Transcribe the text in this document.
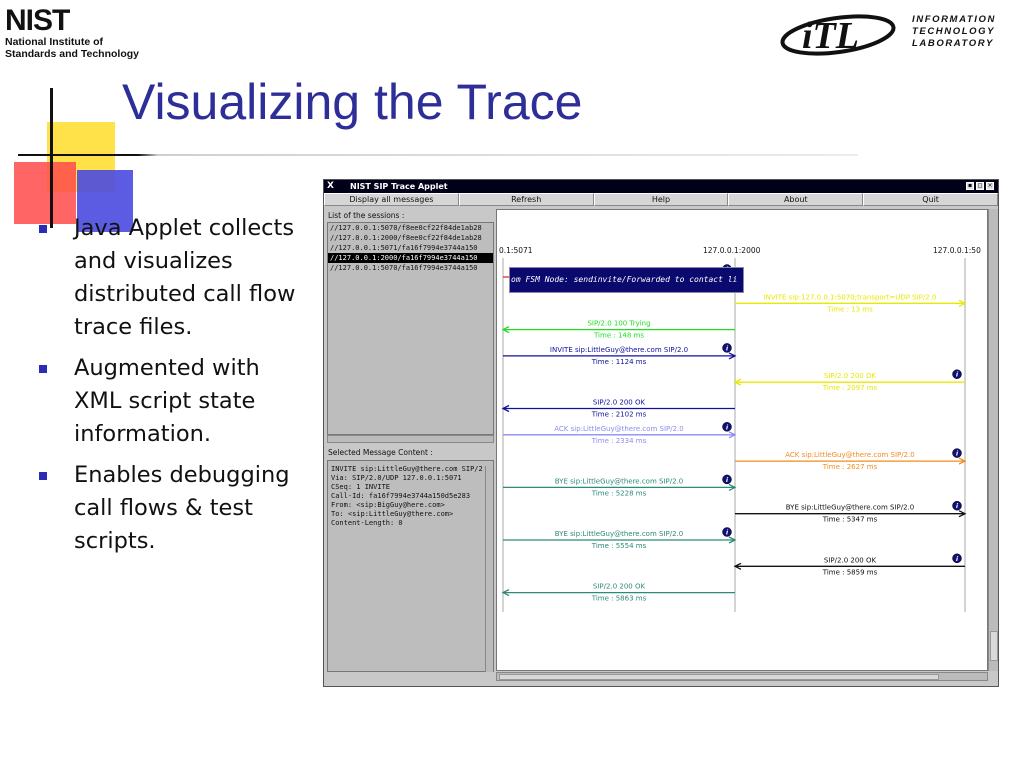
NIST
National Institute of
Standards and Technology	iTL	INFORMATION
TECHNOLOGY
LABORATORY
Visualizing the Trace
Java Applet collects and visualizes distributed call flow trace files.
Augmented with XML script state information.
Enables debugging call flows & test scripts.
X NIST SIP Trace Applet	▪ ◻ ×
Display all messages	Refresh	Help	About	Quit
List of the sessions :
//127.0.0.1:5070/f8ee0cf22f84de1ab28
//127.0.0.1:2000/f8ee0cf22f84de1ab28
//127.0.0.1:5071/fa16f7994e3744a150
//127.0.0.1:2000/fa16f7994e3744a150
//127.0.0.1:5070/fa16f7994e3744a150
Selected Message Content :
INVITE sip:LittleGuy@there.com SIP/2
Via: SIP/2.0/UDP 127.0.0.1:5071
CSeq: 1 INVITE
Call-Id: fa16f7994e3744a150d5e283
From: <sip:BigGuy@here.com>
To: <sip:LittleGuy@there.com>
Content-Length: 0
0.1:5071	127.0.0.1:2000	127.0.0.1:50
INVITE sip:127.0.0.1:5070;transport=UDP SIP/2.0
Time : 13 ms
SIP/2.0 100 Trying
Time : 148 ms
INVITE sip:LittleGuy@there.com SIP/2.0
Time : 1124 ms
i
SIP/2.0 200 OK
Time : 2097 ms
i
SIP/2.0 200 OK
Time : 2102 ms
ACK sip:LittleGuy@there.com SIP/2.0
Time : 2334 ms
i
ACK sip:LittleGuy@there.com SIP/2.0
Time : 2627 ms
i
BYE sip:LittleGuy@there.com SIP/2.0
Time : 5228 ms
i
BYE sip:LittleGuy@there.com SIP/2.0
Time : 5347 ms
i
BYE sip:LittleGuy@there.com SIP/2.0
Time : 5554 ms
i
SIP/2.0 200 OK
Time : 5859 ms
i
SIP/2.0 200 OK
Time : 5863 ms
om FSM Node: sendinvite/Forwarded to contact li
